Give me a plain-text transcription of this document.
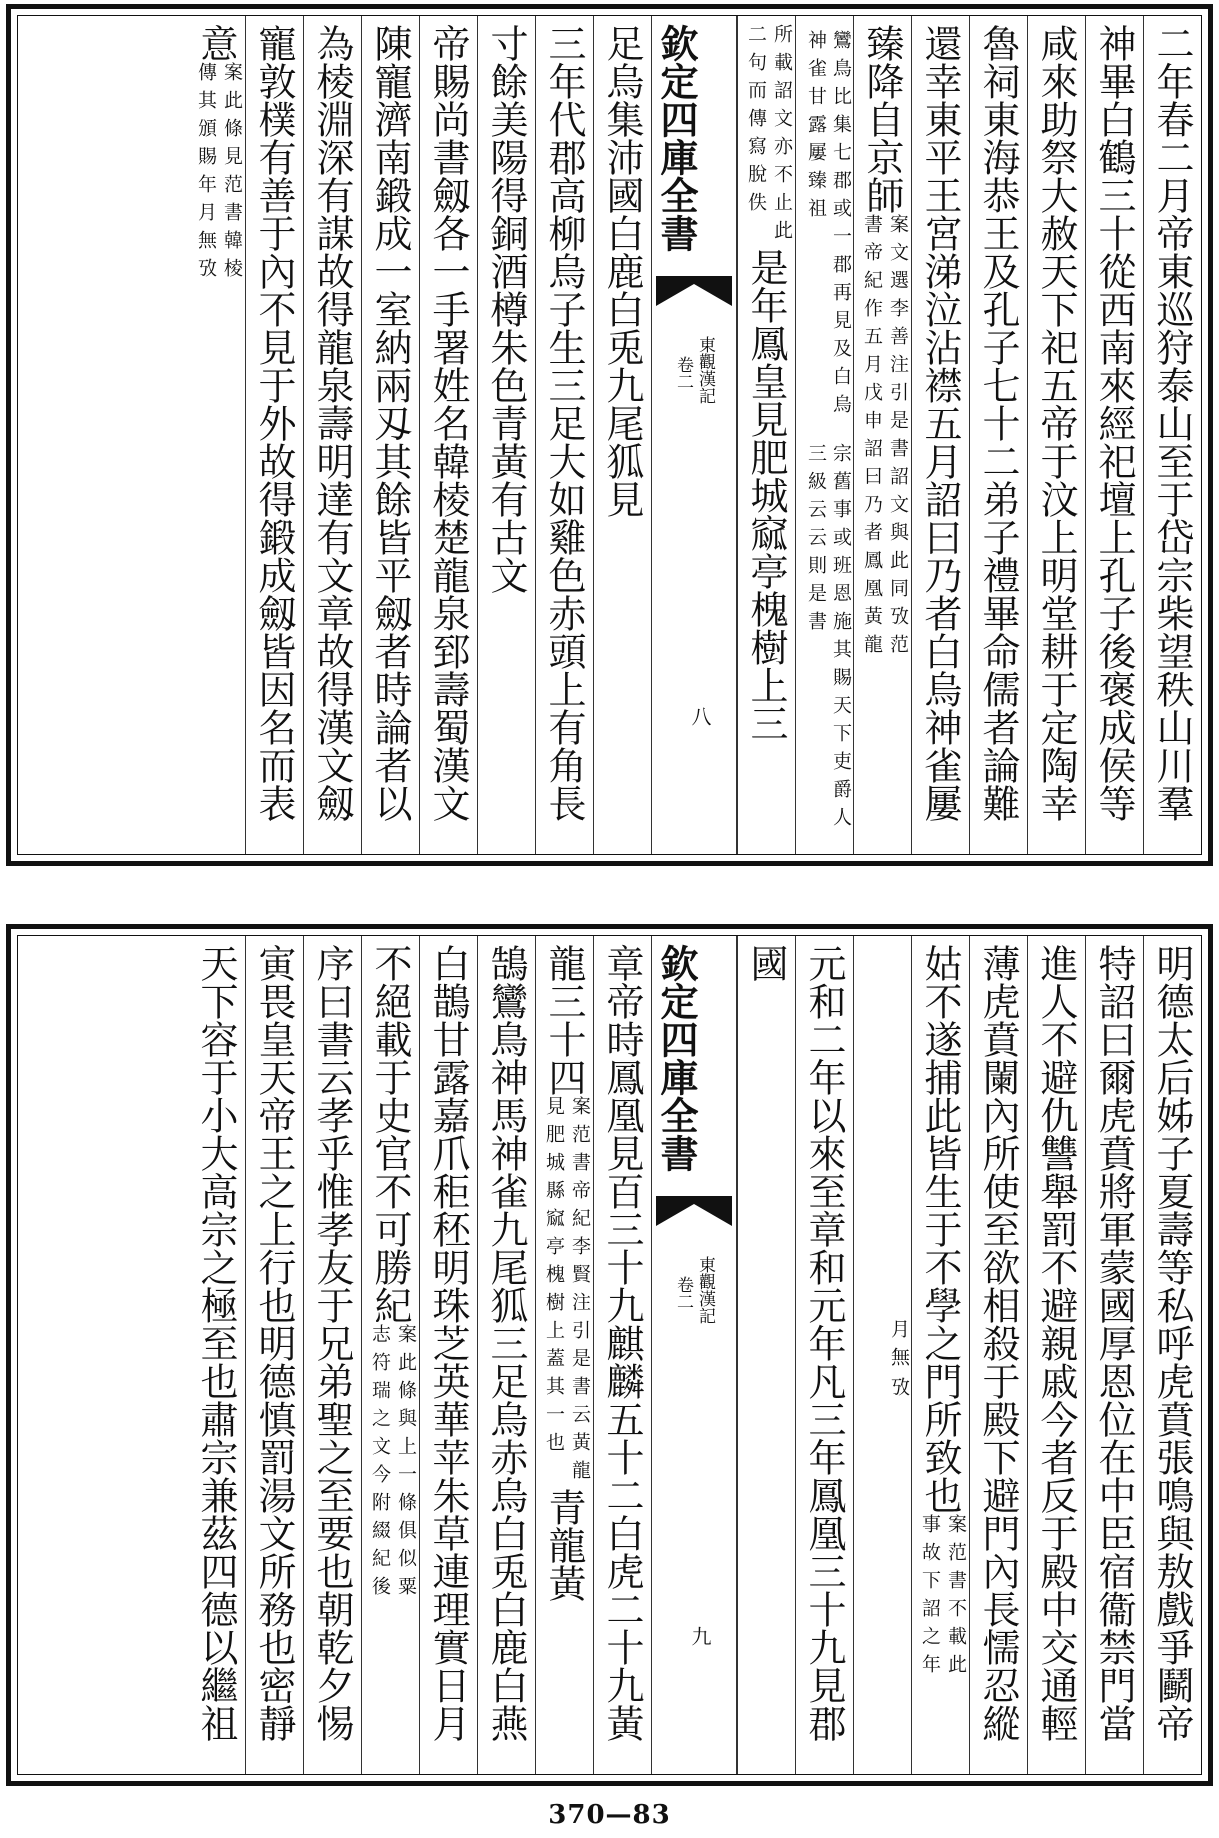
二年春二月帝東巡狩泰山至于岱宗柴望秩山川羣
神畢白鶴三十從西南來經祀壇上孔子後褒成侯等
咸來助祭大赦天下祀五帝于汶上明堂耕于定陶幸
魯祠東海恭王及孔子七十二弟子禮畢命儒者論難
還幸東平王宮涕泣沾襟五月詔曰乃者白烏神雀屢
臻降自京師
案文選李善注引是書詔文與此同攷范
書帝紀作五月戊申詔曰乃者鳳凰黃龍
鸞鳥比集七郡或一郡再見及白烏神雀甘露屢臻祖
宗舊事或班恩施其賜天下吏爵人三級云云則是書
所載詔文亦不止此
二句而傳寫脫佚
是年鳳皇見肥城窳亭槐樹上三
欽定四庫全書
東觀漢記
卷二
八
足烏集沛國白鹿白兎九尾狐見
三年代郡高柳烏子生三足大如雞色赤頭上有角長
寸餘美陽得銅酒樽朱色青黃有古文
帝賜尚書劔各一手署姓名韓棱楚龍泉郅壽蜀漢文
陳寵濟南鍛成一室納兩刄其餘皆平劔者時論者以
為棱淵深有謀故得龍泉壽明達有文章故得漢文劔
寵敦樸有善于內不見于外故得鍛成劔皆因名而表
意
案此條見范書韓棱
傳其頒賜年月無攷
明德太后姊子夏壽等私呼虎賁張鳴與敖戲爭鬬帝
特詔曰爾虎賁將軍蒙國厚恩位在中臣宿衞禁門當
進人不避仇讐舉罰不避親戚今者反于殿中交通輕
薄虎賁闌內所使至欲相殺于殿下避門內長懦忍縱
姑不遂捕此皆生于不學之門所致也
案范書不載此
事故下詔之年
月無
攷
元和二年以來至章和元年凡三年鳳凰三十九見郡
國
欽定四庫全書
東觀漢記
卷二
九
章帝時鳳凰見百三十九麒麟五十二白虎二十九黃
龍三十四
案范書帝紀李賢注引是書云黃龍
見肥城縣窳亭槐樹上蓋其一也
青龍黃
鵠鸞鳥神馬神雀九尾狐三足烏赤烏白兎白鹿白燕
白鵲甘露嘉爪秬秠明珠芝英華苹朱草連理實日月
不絕載于史官不可勝紀
案此條與上一條俱似粟
志符瑞之文今附綴紀後
序曰書云孝乎惟孝友于兄弟聖之至要也朝乾夕惕
寅畏皇天帝王之上行也明德慎罰湯文所務也密靜
天下容于小大高宗之極至也肅宗兼茲四德以繼祖
370—83
